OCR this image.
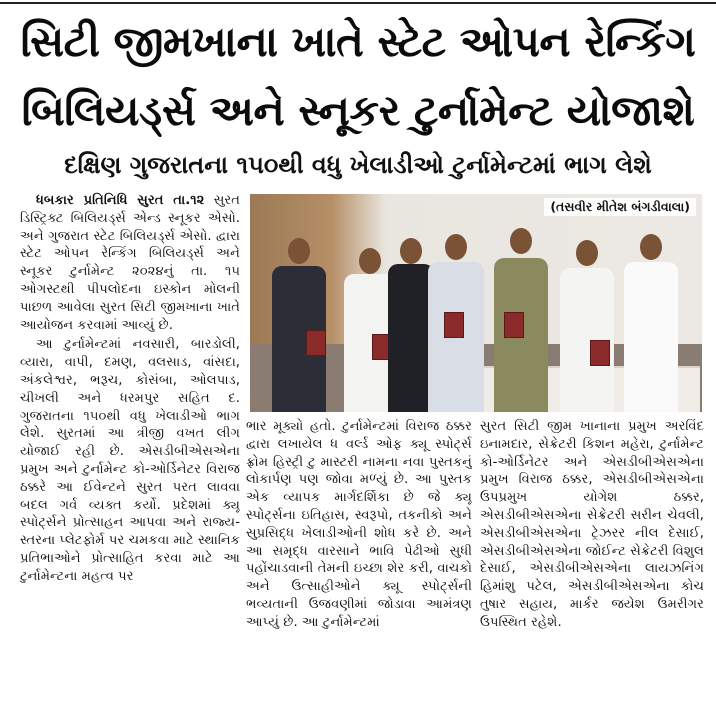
સિટી જીમખાના ખાતે સ્ટેટ ઓપન રેન્કિંગ
બિલિયર્ડ્સ અને સ્નૂકર ટુર્નામેન્ટ યોજાશે
દક્ષિણ ગુજરાતના ૧૫૦થી વધુ ખેલાડીઓ ટુર્નામેન્ટમાં ભાગ લેશે

ધબકાર પ્રતિનિધિ સુરત તા.૧૨ સુરત ડિસ્ટ્રિક્ટ બિલિયર્ડ્સ એન્ડ સ્નૂકર એસો. અને ગુજરાત સ્ટેટ બિલિયર્ડ્સ એસો. દ્વારા સ્ટેટ ઓપન રેન્કિંગ બિલિયર્ડ્સ અને સ્નૂકર ટુર્નામેન્ટ ૨૦૨૪નું તા. ૧૫ ઓગસ્ટથી પીપલોદના ઇસ્કોન મોલની પાછળ આવેલા સુરત સિટી જીમખાના ખાતે આયોજન કરવામાં આવ્યું છે.

આ ટુર્નામેન્ટમાં નવસારી, બારડોલી, વ્યારા, વાપી, દમણ, વલસાડ, વાંસદા, અંકલેશ્વર, ભરૂચ, કોસંબા, ઓલપાડ, ચીખલી અને ધરમપુર સહિત દ. ગુજરાતના ૧૫૦થી વધુ ખેલાડીઓ ભાગ લેશે. સુરતમાં આ ત્રીજી વખત લીગ યોજાઈ રહી છે. એસડીબીએસએના પ્રમુખ અને ટુર્નામેન્ટ કો-ઓર્ડિનેટર વિરાજ ઠક્કરે આ ઈવેન્ટને સુરત પરત લાવવા બદલ ગર્વ વ્યક્ત કર્યો. પ્રદેશમાં ક્યૂ સ્પોર્ટ્સને પ્રોત્સાહન આપવા અને રાજ્ય-સ્તરના પ્લેટફોર્મ પર ચમકવા માટે સ્થાનિક પ્રતિભાઓને પ્રોત્સાહિત કરવા માટે આ ટુર્નામેન્ટના મહત્વ પર

(તસવીર મીતેશ બંગડીવાલા)

ભાર મૂક્યો હતો. ટુર્નામેન્ટમાં વિરાજ ઠક્કર દ્વારા લખાયેલ ધ વર્લ્ડ ઓફ ક્યૂ સ્પોર્ટ્સ ફ્રોમ હિસ્ટ્રી ટુ માસ્ટરી નામના નવા પુસ્તકનું લોકાર્પણ પણ જોવા મળ્યું છે. આ પુસ્તક એક વ્યાપક માર્ગદર્શિકા છે જે ક્યૂ સ્પોર્ટ્સના ઇતિહાસ, સ્વરૂપો, તકનીકો અને સુપ્રસિદ્ધ ખેલાડીઓની શોધ કરે છે. અને આ સમૃદ્ધ વારસાને ભાવિ પેઢીઓ સુધી પહોંચાડવાની તેમની ઇચ્છા શેર કરી, વાચકો અને ઉત્સાહીઓને ક્યૂ સ્પોર્ટ્સની ભવ્યતાની ઉજવણીમાં જોડાવા આમંત્રણ આપ્યું છે. આ ટુર્નામેન્ટમાં

સુરત સિટી જીમ ખાનાના પ્રમુખ અરવિંદ ઇનામદાર, સેક્રેટરી કિશન મહેરા, ટુર્નામેન્ટ કો-ઓર્ડિનેટર અને એસડીબીએસએના પ્રમુખ વિરાજ ઠક્કર, એસડીબીએસએના ઉપપ્રમુખ યોગેશ ઠક્કર, એસડીબીએસએના સેક્રેટરી સરીન ચેવલી, એસડીબીએસએના ટ્રેઝરર નીલ દેસાઈ, એસડીબીએસએના જોઈન્ટ સેક્રેટરી વિશુલ દેસાઈ, એસડીબીએસએના લાયઝનિંગ હિમાંશુ પટેલ, એસડીબીએસએના કોચ તુષાર સહાય, માર્કર જયેશ ઉમરીગર ઉપસ્થિત રહેશે.
